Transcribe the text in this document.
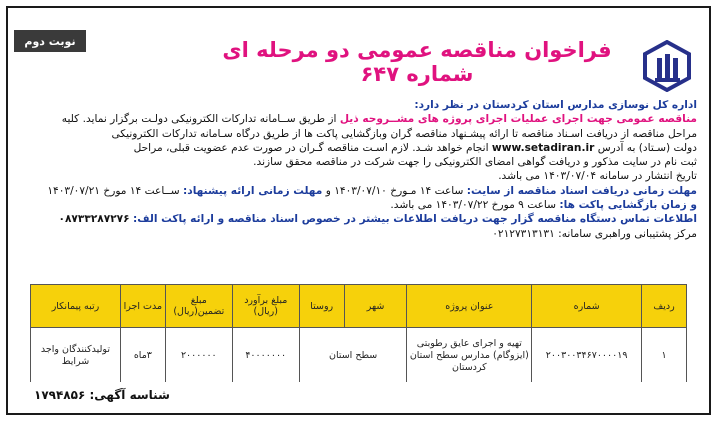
نوبت دوم	فراخوان مناقصه عمومی دو مرحله ای شماره ۶۴۷

اداره کل نوسازی مدارس استان کردستان در نظر دارد:

مناقصه عمومی جهت اجرای عملیات اجرای پروژه های مشــروحه ذیل از طریق ســامانه تدارکات الکترونیکی دولـت برگزار نماید. کلیه

مراحل مناقصه از دریافت اسـناد مناقصه تا ارائه پیشـنهاد مناقصه گران وبازگشایی پاکت ها از طریق درگاه سـامانه تدارکات الکترونیکی

دولت (سـتاد) به آدرس www.setadiran.ir انجام خواهد شـد. لازم اسـت مناقصه گـران در صورت عدم عضویت قبلی، مراحل

ثبت نام در سایت مذکور و دریافت گواهی امضای الکترونیکی را جهت شرکت در مناقصه محقق سازند.

تاریخ انتشار در سامانه ۱۴۰۳/۰۷/۰۴ می باشد.

مهلت زمانی دریافت اسناد مناقصه از سایت: ساعت ۱۴ مـورخ ۱۴۰۳/۰۷/۱۰ و مهلت زمانی ارائه پیشنهاد: ســاعت ۱۴ مورخ ۱۴۰۳/۰۷/۲۱

و زمان بازگشایی پاکت ها: ساعت ۹ مورخ ۱۴۰۳/۰۷/۲۲ می باشد.

اطلاعات تماس دستگاه مناقصه گزار جهت دریافت اطلاعات بیشتر در خصوص اسناد مناقصه و ارائه پاکت الف: ۰۸۷۳۳۲۸۷۲۷۶

مرکز پشتیبانی وراهبری سامانه: ۰۲۱۲۷۳۱۳۱۳۱

ردیف	شماره	عنوان پروژه	شهر	روستا	مبلغ برآورد (ریال)	مبلغ تضمین(ریال)	مدت اجرا	رتبه پیمانکار
۱	۲۰۰۳۰۰۳۴۶۷۰۰۰۰۱۹	تهیه و اجرای عایق رطوبتی (ایزوگام) مدارس سطح استان کردستان	سطح استان		۴۰۰۰۰۰۰۰	۲۰۰۰۰۰۰	۳ماه	تولیدکنندگان واجد شرایط
شناسه آگهی: ۱۷۹۴۸۵۶
